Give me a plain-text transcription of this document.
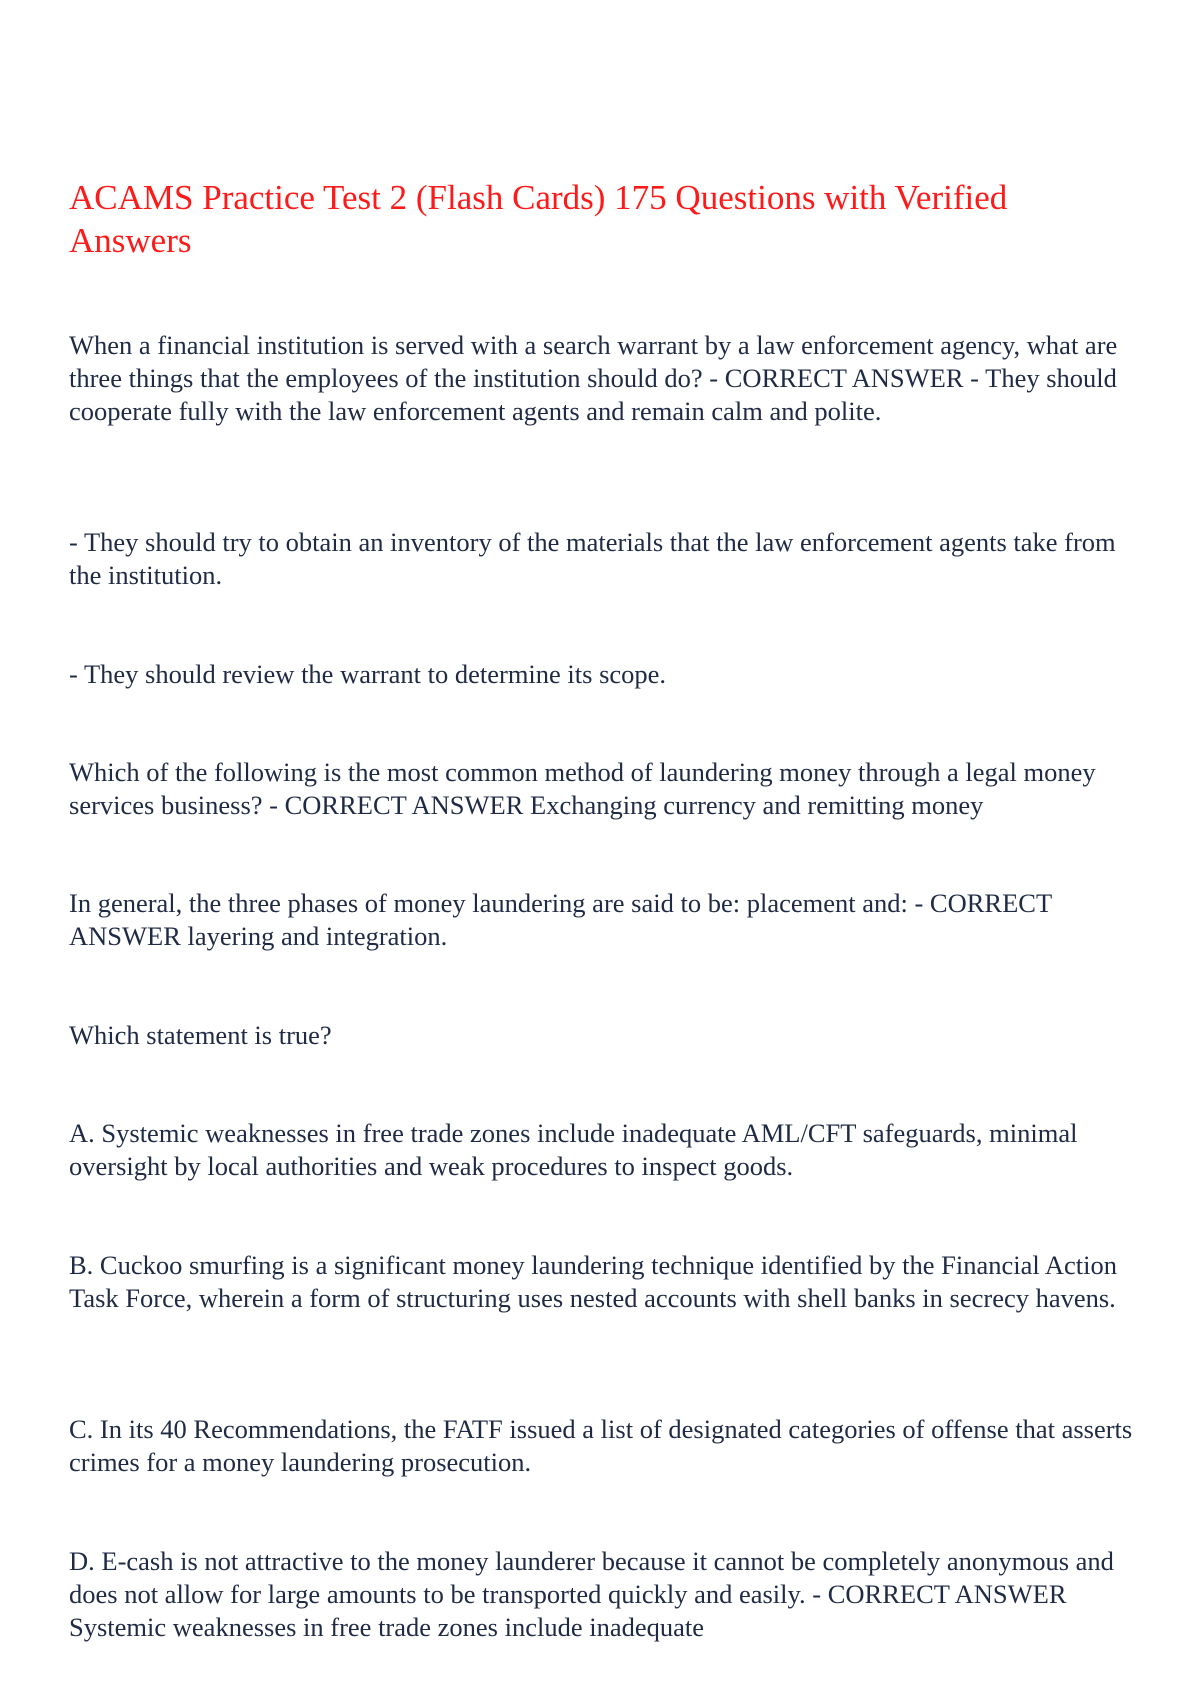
ACAMS Practice Test 2 (Flash Cards) 175 Questions with Verified Answers

When a financial institution is served with a search warrant by a law enforcement agency, what are three things that the employees of the institution should do? - CORRECT ANSWER - They should cooperate fully with the law enforcement agents and remain calm and polite.

- They should try to obtain an inventory of the materials that the law enforcement agents take from the institution.

- They should review the warrant to determine its scope.

Which of the following is the most common method of laundering money through a legal money services business? - CORRECT ANSWER Exchanging currency and remitting money

In general, the three phases of money laundering are said to be: placement and: - CORRECT ANSWER layering and integration.

Which statement is true?

A. Systemic weaknesses in free trade zones include inadequate AML/CFT safeguards, minimal oversight by local authorities and weak procedures to inspect goods.

B. Cuckoo smurfing is a significant money laundering technique identified by the Financial Action Task Force, wherein a form of structuring uses nested accounts with shell banks in secrecy havens.

C. In its 40 Recommendations, the FATF issued a list of designated categories of offense that asserts crimes for a money laundering prosecution.

D. E-cash is not attractive to the money launderer because it cannot be completely anonymous and does not allow for large amounts to be transported quickly and easily. - CORRECT ANSWER Systemic weaknesses in free trade zones include inadequate
